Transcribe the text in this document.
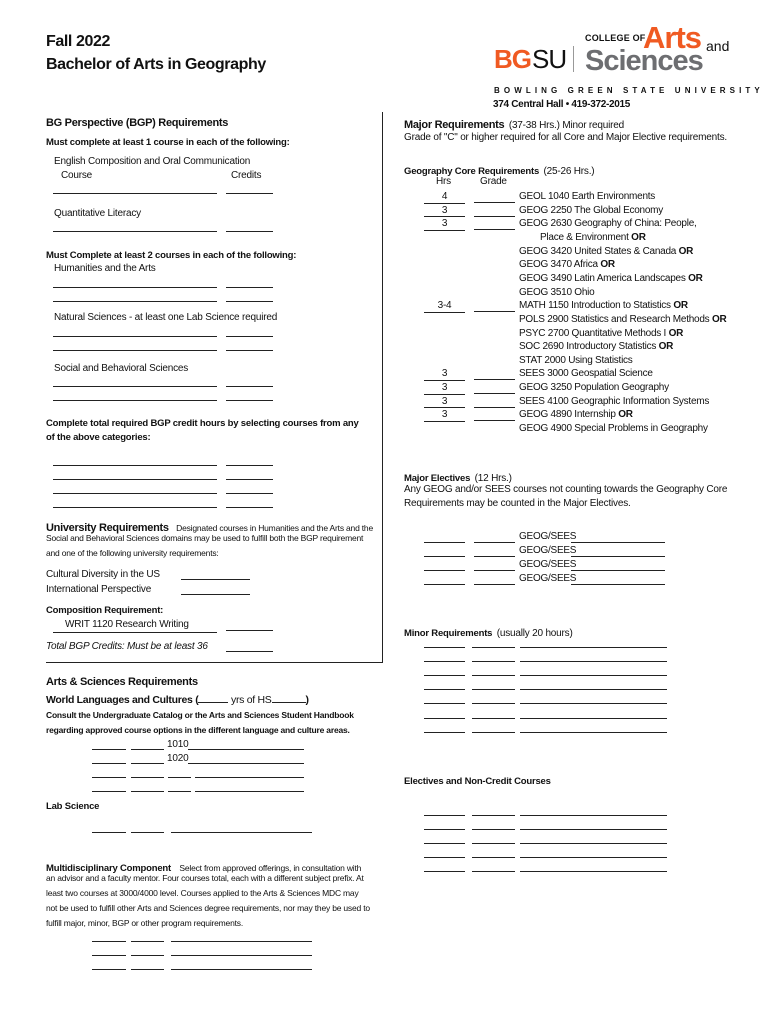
Fall 2022
Bachelor of Arts in Geography	BG SU
COLLEGE OF
Arts and
Sciences
BOWLING GREEN STATE UNIVERSITY
374 Central Hall • 419-372-2015
BG Perspective (BGP) Requirements
Must complete at least 1 course in each of the following:
English Composition and Oral Communication
Course	Credits
Quantitative Literacy
Must Complete at least 2 courses in each of the following:
Humanities and the Arts
Natural Sciences - at least one Lab Science required
Social and Behavioral Sciences
Complete total required BGP credit hours by selecting courses from any
of the above categories:
University Requirements Designated courses in Humanities and the Arts and the
Social and Behavioral Sciences domains may be used to fulfill both the BGP requirement
and one of the following university requirements:
Cultural Diversity in the US
International Perspective
Composition Requirement:
WRIT 1120 Research Writing
Total BGP Credits: Must be at least 36
Arts & Sciences Requirements
World Languages and Cultures (	yrs of HS	)
Consult the Undergraduate Catalog or the Arts and Sciences Student Handbook
regarding approved course options in the different language and culture areas.
1010
1020
Lab Science
Multidisciplinary Component Select from approved offerings, in consultation with
an advisor and a faculty mentor. Four courses total, each with a different subject prefix. At
least two courses at 3000/4000 level. Courses applied to the Arts & Sciences MDC may
not be used to fulfill other Arts and Sciences degree requirements, nor may they be used to
fulfill major, minor, BGP or other program requirements.
Major Requirements (37-38 Hrs.) Minor required
Grade of "C" or higher required for all Core and Major Elective requirements.
Geography Core Requirements (25-26 Hrs.)
Hrs	Grade
4	GEOL 1040 Earth Environments
3	GEOG 2250 The Global Economy
3	GEOG 2630 Geography of China: People,
Place & Environment OR
GEOG 3420 United States & Canada OR
GEOG 3470 Africa OR
GEOG 3490 Latin America Landscapes OR
GEOG 3510 Ohio
3-4	MATH 1150 Introduction to Statistics OR
POLS 2900 Statistics and Research Methods OR
PSYC 2700 Quantitative Methods I OR
SOC 2690 Introductory Statistics OR
STAT 2000 Using Statistics
3	SEES 3000 Geospatial Science
3	GEOG 3250 Population Geography
3	SEES 4100 Geographic Information Systems
3	GEOG 4890 Internship OR
GEOG 4900 Special Problems in Geography
Major Electives (12 Hrs.)
Any GEOG and/or SEES courses not counting towards the Geography Core
Requirements may be counted in the Major Electives.
GEOG/SEES
GEOG/SEES
GEOG/SEES
GEOG/SEES
Minor Requirements (usually 20 hours)
Electives and Non-Credit Courses
